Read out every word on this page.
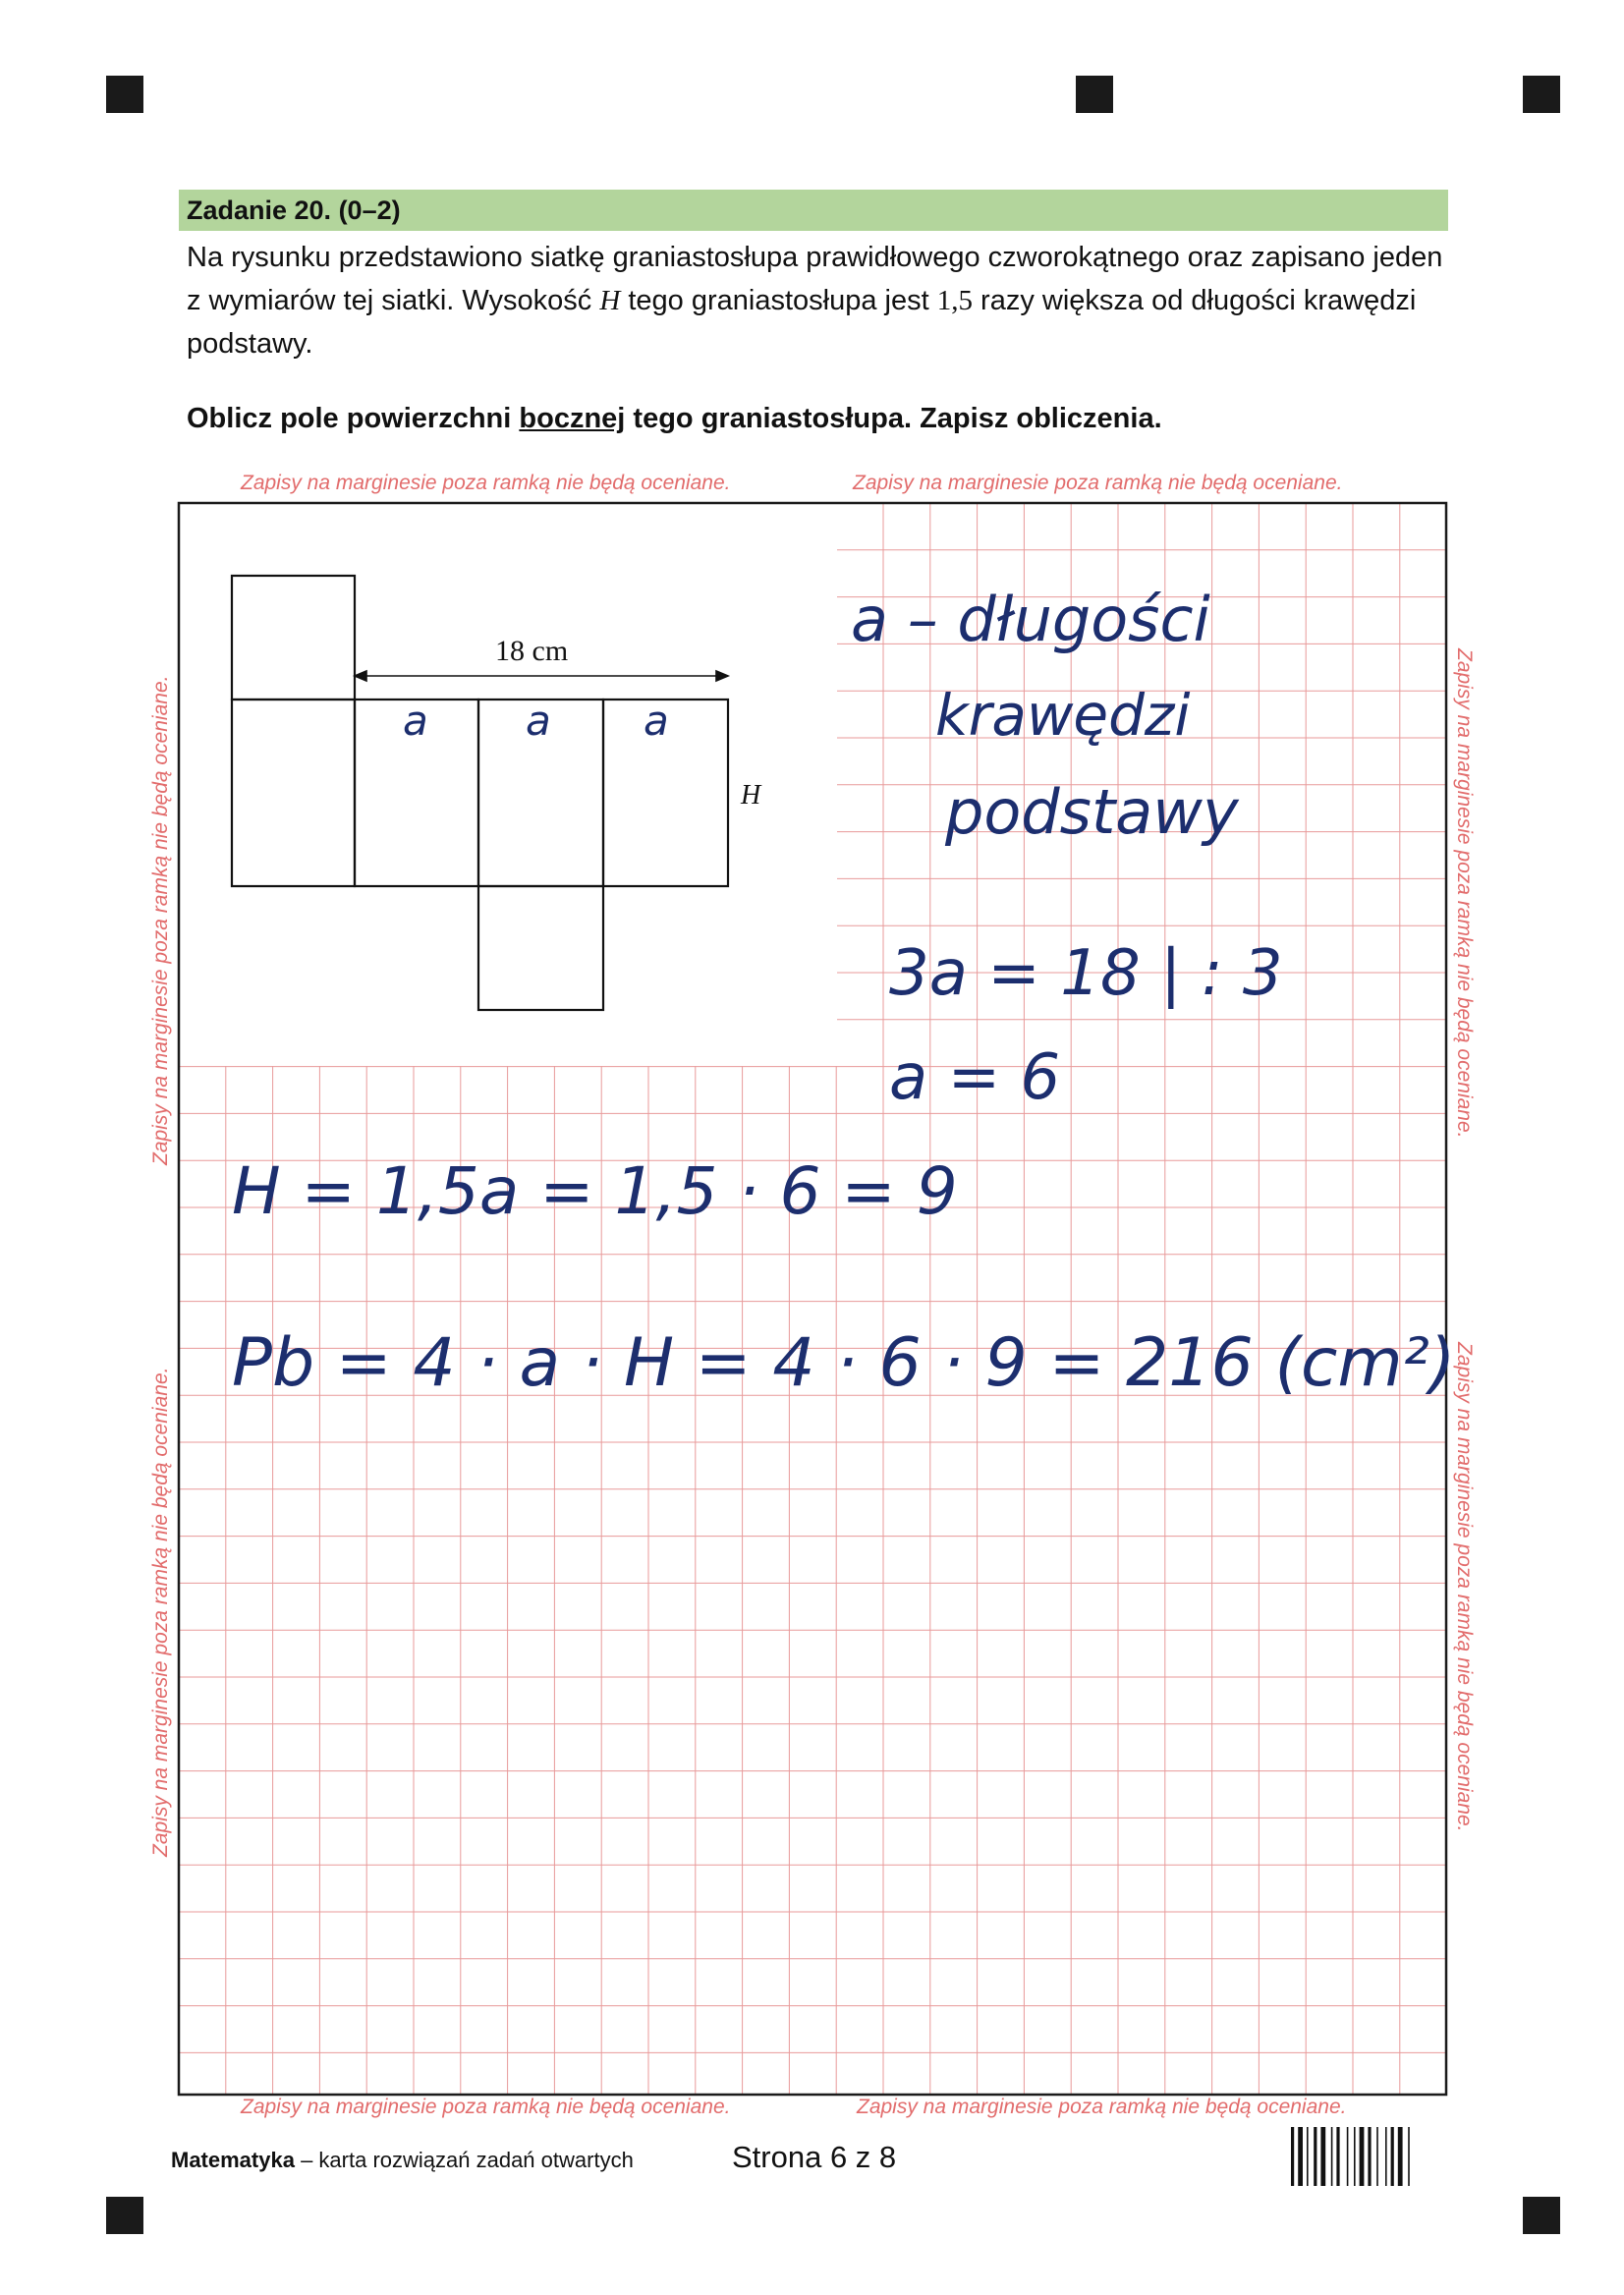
Zadanie 20. (0–2)
Na rysunku przedstawiono siatkę graniastosłupa prawidłowego czworokątnego oraz zapisano jeden z wymiarów tej siatki. Wysokość H tego graniastosłupa jest 1,5 razy większa od długości krawędzi podstawy.
Oblicz pole powierzchni bocznej tego graniastosłupa. Zapisz obliczenia.
Zapisy na marginesie poza ramką nie będą oceniane.	Zapisy na marginesie poza ramką nie będą oceniane.
Zapisy na marginesie poza ramką nie będą oceniane.	Zapisy na marginesie poza ramką nie będą oceniane.
Zapisy na marginesie poza ramką nie będą oceniane.
Zapisy na marginesie poza ramką nie będą oceniane.
Zapisy na marginesie poza ramką nie będą oceniane.
Zapisy na marginesie poza ramką nie będą oceniane.
18 cm
H
a a a
a – długości
krawędzi
podstawy
3a = 18 | : 3
a = 6
H = 1,5a = 1,5 · 6 = 9
Pb = 4 · a · H = 4 · 6 · 9 = 216 (cm²)
Matematyka – karta rozwiązań zadań otwartych	Strona 6 z 8
